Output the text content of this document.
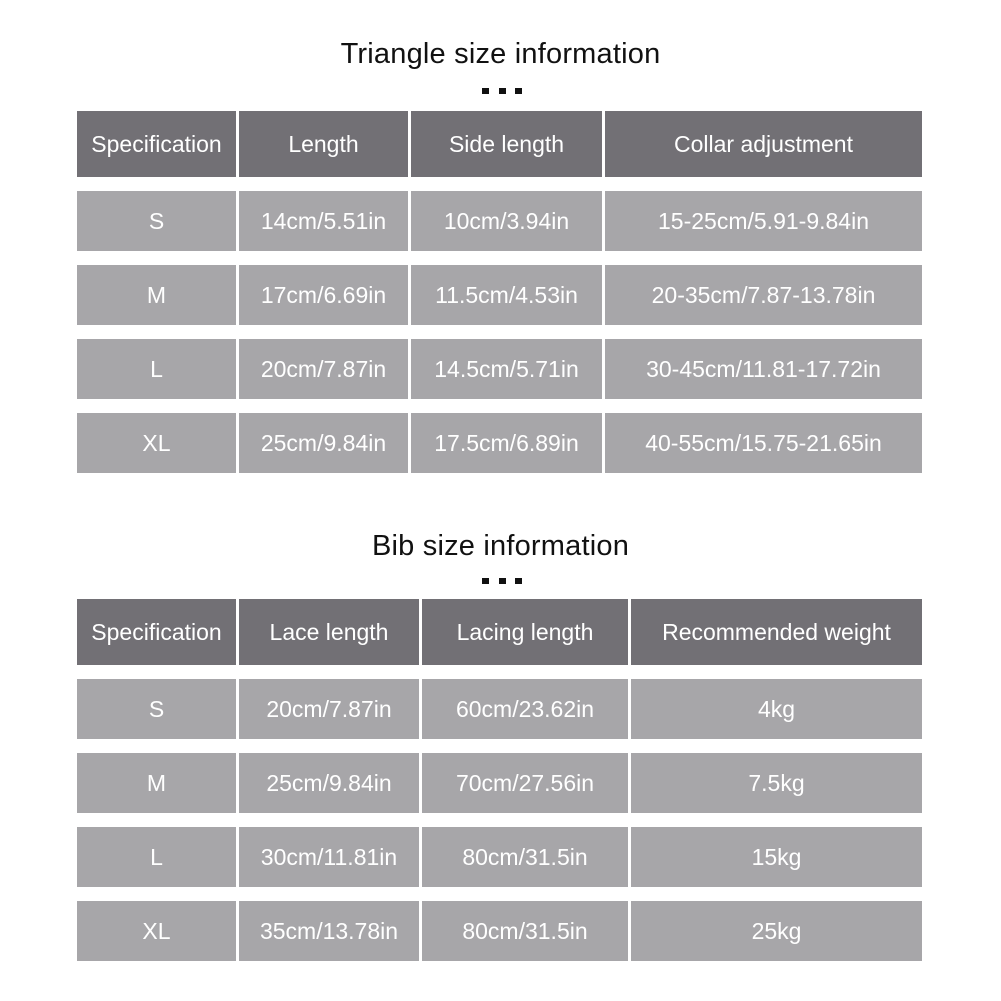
Triangle size information
Specification	Length	Side length	Collar adjustment
S	14cm/5.51in	10cm/3.94in	15-25cm/5.91-9.84in
M	17cm/6.69in	11.5cm/4.53in	20-35cm/7.87-13.78in
L	20cm/7.87in	14.5cm/5.71in	30-45cm/11.81-17.72in
XL	25cm/9.84in	17.5cm/6.89in	40-55cm/15.75-21.65in
Bib size information
Specification	Lace length	Lacing length	Recommended weight
S	20cm/7.87in	60cm/23.62in	4kg
M	25cm/9.84in	70cm/27.56in	7.5kg
L	30cm/11.81in	80cm/31.5in	15kg
XL	35cm/13.78in	80cm/31.5in	25kg
